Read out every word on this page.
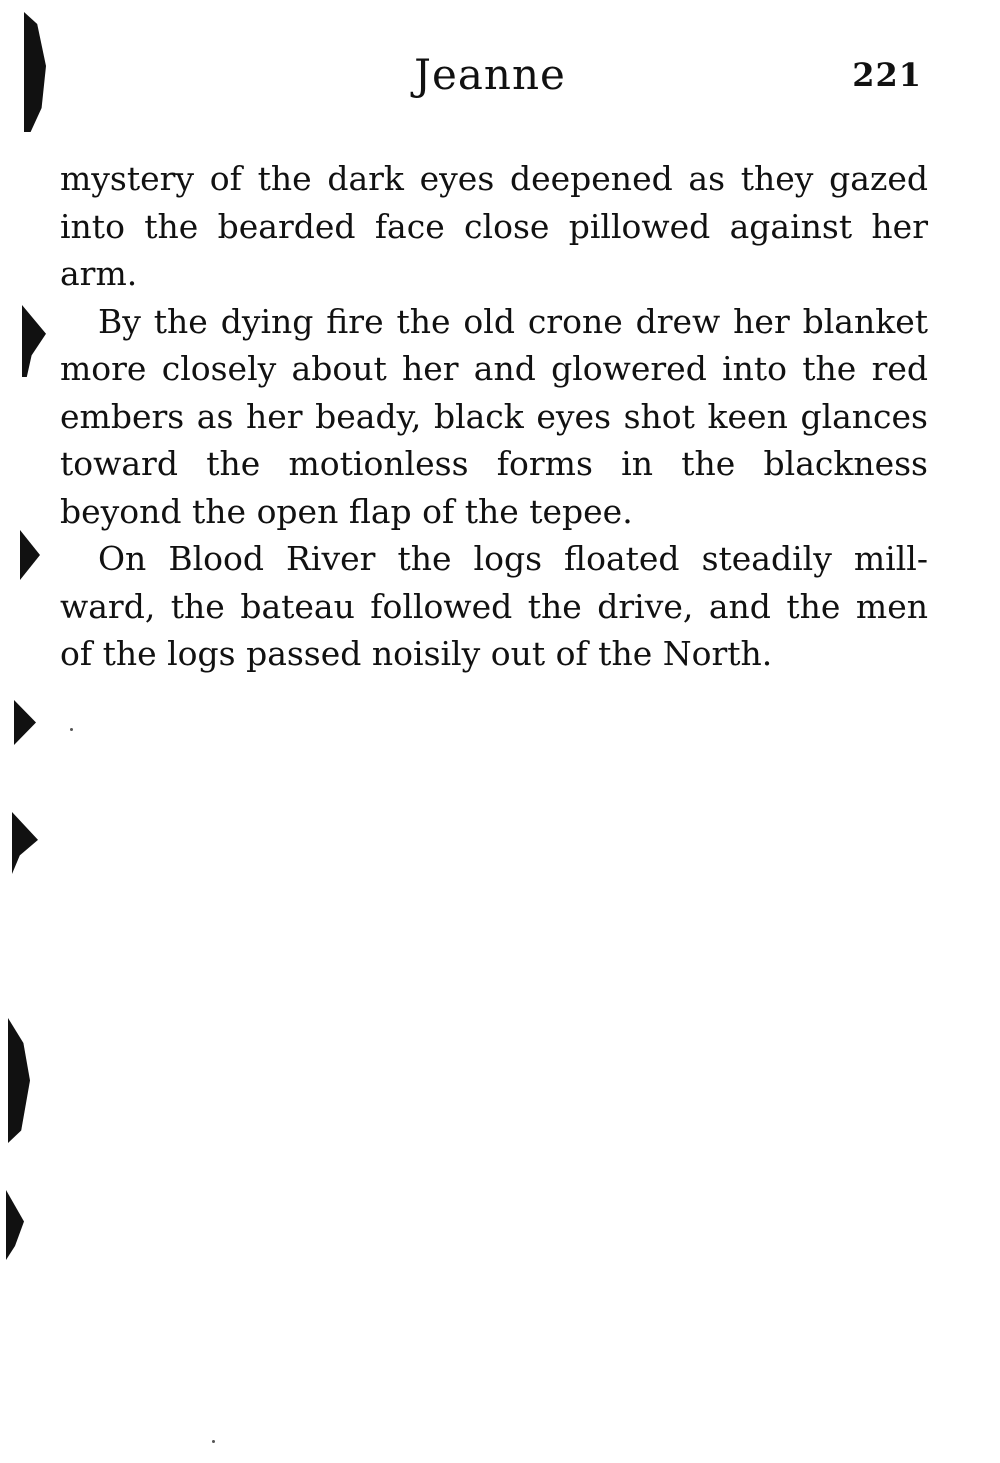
Jeanne	221

mystery of the dark eyes deepened as they gazed into the bearded face close pillowed against her arm.

By the dying fire the old crone drew her blanket more closely about her and glowered into the red embers as her beady, black eyes shot keen glances toward the motionless forms in the blackness beyond the open flap of the tepee.

On Blood River the logs floated steadily mill-ward, the bateau followed the drive, and the men of the logs passed noisily out of the North.
